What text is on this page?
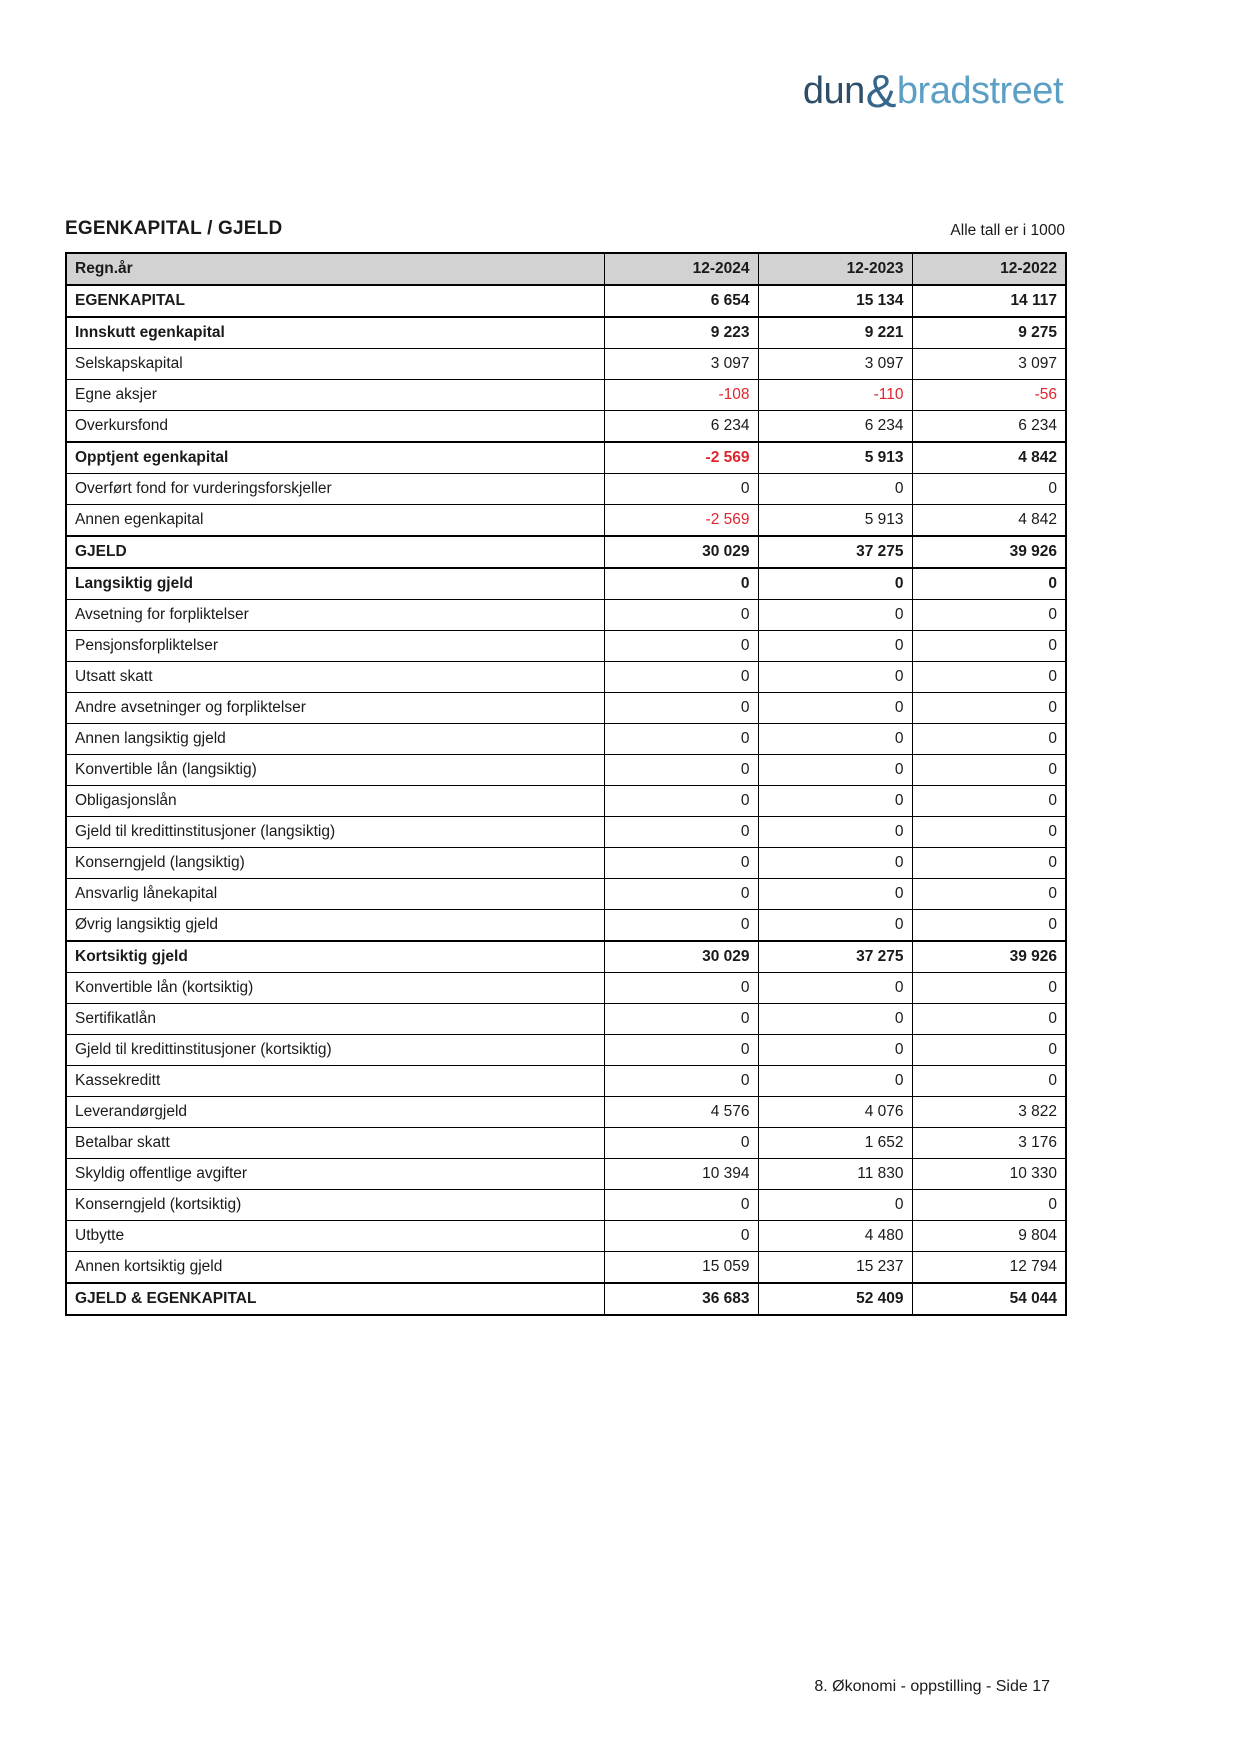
dun&bradstreet
EGENKAPITAL / GJELD	Alle tall er i 1000
Regn.år	12-2024	12-2023	12-2022
EGENKAPITAL	6 654	15 134	14 117
Innskutt egenkapital	9 223	9 221	9 275
Selskapskapital	3 097	3 097	3 097
Egne aksjer	-108	-110	-56
Overkursfond	6 234	6 234	6 234
Opptjent egenkapital	-2 569	5 913	4 842
Overført fond for vurderingsforskjeller	0	0	0
Annen egenkapital	-2 569	5 913	4 842
GJELD	30 029	37 275	39 926
Langsiktig gjeld	0	0	0
Avsetning for forpliktelser	0	0	0
Pensjonsforpliktelser	0	0	0
Utsatt skatt	0	0	0
Andre avsetninger og forpliktelser	0	0	0
Annen langsiktig gjeld	0	0	0
Konvertible lån (langsiktig)	0	0	0
Obligasjonslån	0	0	0
Gjeld til kredittinstitusjoner (langsiktig)	0	0	0
Konserngjeld (langsiktig)	0	0	0
Ansvarlig lånekapital	0	0	0
Øvrig langsiktig gjeld	0	0	0
Kortsiktig gjeld	30 029	37 275	39 926
Konvertible lån (kortsiktig)	0	0	0
Sertifikatlån	0	0	0
Gjeld til kredittinstitusjoner (kortsiktig)	0	0	0
Kassekreditt	0	0	0
Leverandørgjeld	4 576	4 076	3 822
Betalbar skatt	0	1 652	3 176
Skyldig offentlige avgifter	10 394	11 830	10 330
Konserngjeld (kortsiktig)	0	0	0
Utbytte	0	4 480	9 804
Annen kortsiktig gjeld	15 059	15 237	12 794
GJELD & EGENKAPITAL	36 683	52 409	54 044
8. Økonomi - oppstilling - Side 17
